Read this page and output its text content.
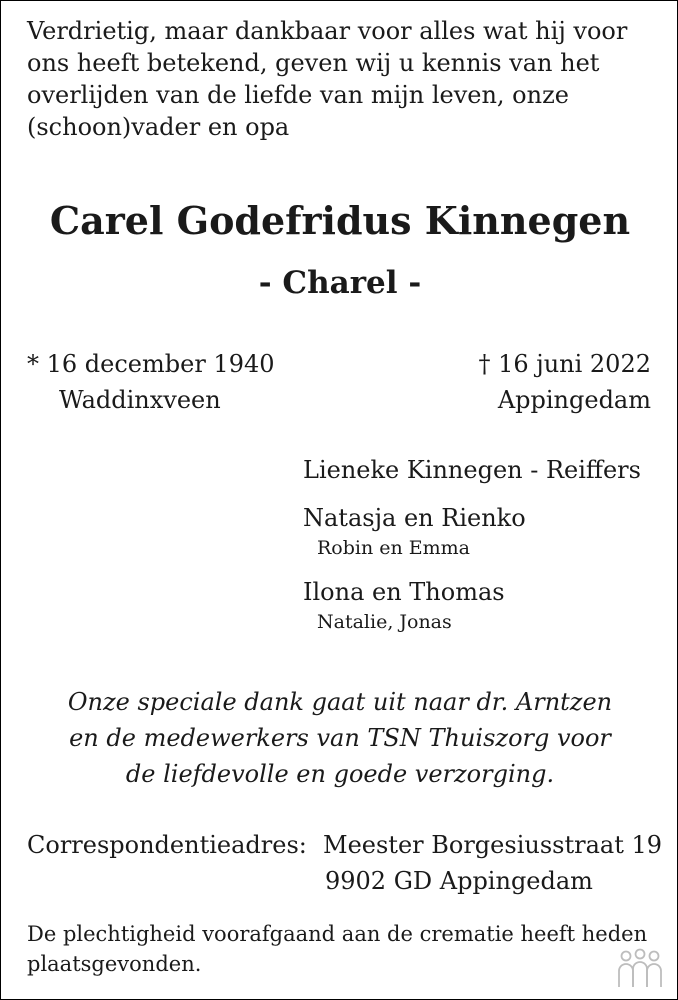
Verdrietig, maar dankbaar voor alles wat hij voor
ons heeft betekend, geven wij u kennis van het
overlijden van de liefde van mijn leven, onze
(schoon)vader en opa
Carel Godefridus Kinnegen
- Charel -
* 16 december 1940
Waddinxveen
† 16 juni 2022
Appingedam
Lieneke Kinnegen - Reiffers
Natasja en Rienko
Robin en Emma
Ilona en Thomas
Natalie, Jonas
Onze speciale dank gaat uit naar dr. Arntzen
en de medewerkers van TSN Thuiszorg voor
de liefdevolle en goede verzorging.
Correspondentieadres: Meester Borgesiusstraat 19
9902 GD Appingedam
De plechtigheid voorafgaand aan de crematie heeft heden
plaatsgevonden.
